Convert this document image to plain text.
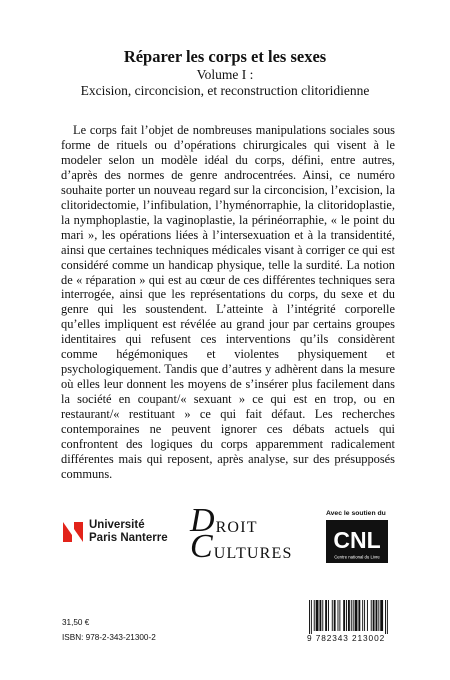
Réparer les corps et les sexes
Volume I :
Excision, circoncision, et reconstruction clitoridienne

Le corps fait l’objet de nombreuses manipulations sociales sous forme de rituels ou d’opérations chirurgicales qui visent à le modeler selon un modèle idéal du corps, défini, entre autres, d’après des normes de genre androcentrées. Ainsi, ce numéro souhaite porter un nouveau regard sur la circoncision, l’excision, la clitoridectomie, l’infibulation, l’hyménorraphie, la clitoridoplastie, la nymphoplastie, la vaginoplastie, la périnéorraphie, « le point du mari », les opérations liées à l’intersexuation et à la transidentité, ainsi que certaines techniques médicales visant à corriger ce qui est considéré comme un handicap physique, telle la surdité. La notion de « réparation » qui est au cœur de ces différentes techniques sera interrogée, ainsi que les représentations du corps, du sexe et du genre qui les soustendent. L’atteinte à l’intégrité corporelle qu’elles impliquent est révélée au grand jour par certains groupes identitaires qui refusent ces interventions qu’ils considèrent comme hégémoniques et violentes physiquement et psychologiquement. Tandis que d’autres y adhèrent dans la mesure où elles leur donnent les moyens de s’insérer plus facilement dans la société en coupant/« sexuant » ce qui est en trop, ou en restaurant/« restituant » ce qui fait défaut. Les recherches contemporaines ne peuvent ignorer ces débats actuels qui confrontent des logiques du corps apparemment radicalement différentes mais qui reposent, après analyse, sur des présupposés communs.

Université
Paris Nanterre D ROIT
C ULTURES
Avec le soutien du
CNL
Centre national du Livre
31,50 €
ISBN: 978-2-343-21300-2	9 782343 213002
